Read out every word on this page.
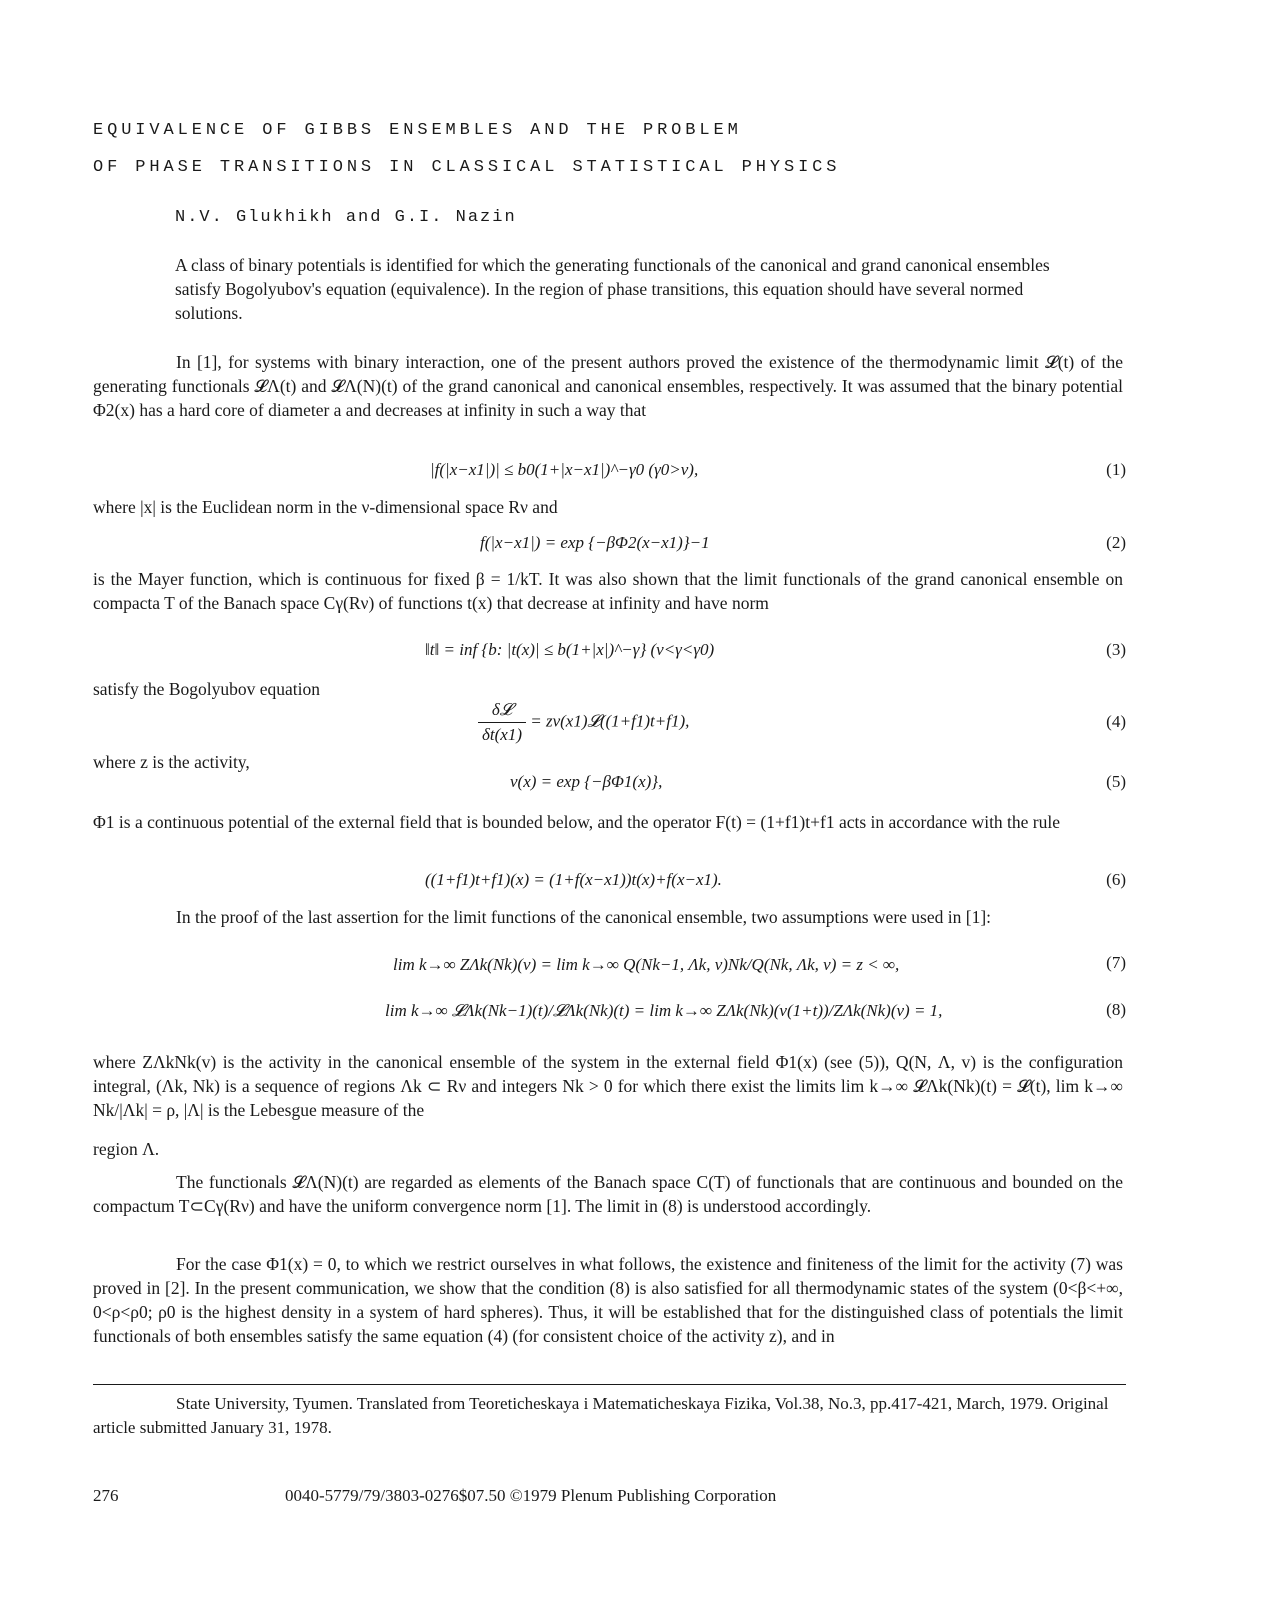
EQUIVALENCE OF GIBBS ENSEMBLES AND THE PROBLEM
OF PHASE TRANSITIONS IN CLASSICAL STATISTICAL PHYSICS
N.V. Glukhikh and G.I. Nazin
A class of binary potentials is identified for which the generating functionals of the canonical and grand canonical ensembles satisfy Bogolyubov's equation (equivalence). In the region of phase transitions, this equation should have several normed solutions.
In [1], for systems with binary interaction, one of the present authors proved the existence of the thermodynamic limit 𝓛(t) of the generating functionals 𝓛Λ(t) and 𝓛Λ(N)(t) of the grand canonical and canonical ensembles, respectively. It was assumed that the binary potential Φ2(x) has a hard core of diameter a and decreases at infinity in such a way that
|f(|x−x1|)| ≤ b0(1+|x−x1|)^−γ0 (γ0>ν),	(1)
where |x| is the Euclidean norm in the ν-dimensional space Rν and
f(|x−x1|) = exp {−βΦ2(x−x1)}−1	(2)
is the Mayer function, which is continuous for fixed β = 1/kT. It was also shown that the limit functionals of the grand canonical ensemble on compacta T of the Banach space Cγ(Rν) of functions t(x) that decrease at infinity and have norm
‖t‖ = inf {b: |t(x)| ≤ b(1+|x|)^−γ} (ν<γ<γ0)	(3)
satisfy the Bogolyubov equation
$\frac{\text{δ𝓛}}{\delta t(x1)}$ = zv(x1)𝓛((1+f1)t+f1),	(4)
where z is the activity,
v(x) = exp {−βΦ1(x)},	(5)
Φ1 is a continuous potential of the external field that is bounded below, and the operator F(t) = (1+f1)t+f1 acts in accordance with the rule
((1+f1)t+f1)(x) = (1+f(x−x1))t(x)+f(x−x1).	(6)
In the proof of the last assertion for the limit functions of the canonical ensemble, two assumptions were used in [1]:
lim k→∞ ZΛk(Nk)(v) = lim k→∞ Q(Nk−1, Λk, v)Nk/Q(Nk, Λk, v) = z < ∞,	(7)
lim k→∞ 𝓛Λk(Nk−1)(t)/𝓛Λk(Nk)(t) = lim k→∞ ZΛk(Nk)(v(1+t))/ZΛk(Nk)(v) = 1,	(8)
where ZΛkNk(v) is the activity in the canonical ensemble of the system in the external field Φ1(x) (see (5)), Q(N, Λ, v) is the configuration integral, (Λk, Nk) is a sequence of regions Λk ⊂ Rν and integers Nk > 0 for which there exist the limits lim k→∞ 𝓛Λk(Nk)(t) = 𝓛(t), lim k→∞ Nk/|Λk| = ρ, |Λ| is the Lebesgue measure of the
region Λ.
The functionals 𝓛Λ(N)(t) are regarded as elements of the Banach space C(T) of functionals that are continuous and bounded on the compactum T⊂Cγ(Rν) and have the uniform convergence norm [1]. The limit in (8) is understood accordingly.
For the case Φ1(x) = 0, to which we restrict ourselves in what follows, the existence and finiteness of the limit for the activity (7) was proved in [2]. In the present communication, we show that the condition (8) is also satisfied for all thermodynamic states of the system (0<β<+∞, 0<ρ<ρ0; ρ0 is the highest density in a system of hard spheres). Thus, it will be established that for the distinguished class of potentials the limit functionals of both ensembles satisfy the same equation (4) (for consistent choice of the activity z), and in
State University, Tyumen. Translated from Teoreticheskaya i Matematicheskaya Fizika, Vol.38, No.3, pp.417-421, March, 1979. Original article submitted January 31, 1978.
276	0040-5779/79/3803-0276$07.50 ©1979 Plenum Publishing Corporation
